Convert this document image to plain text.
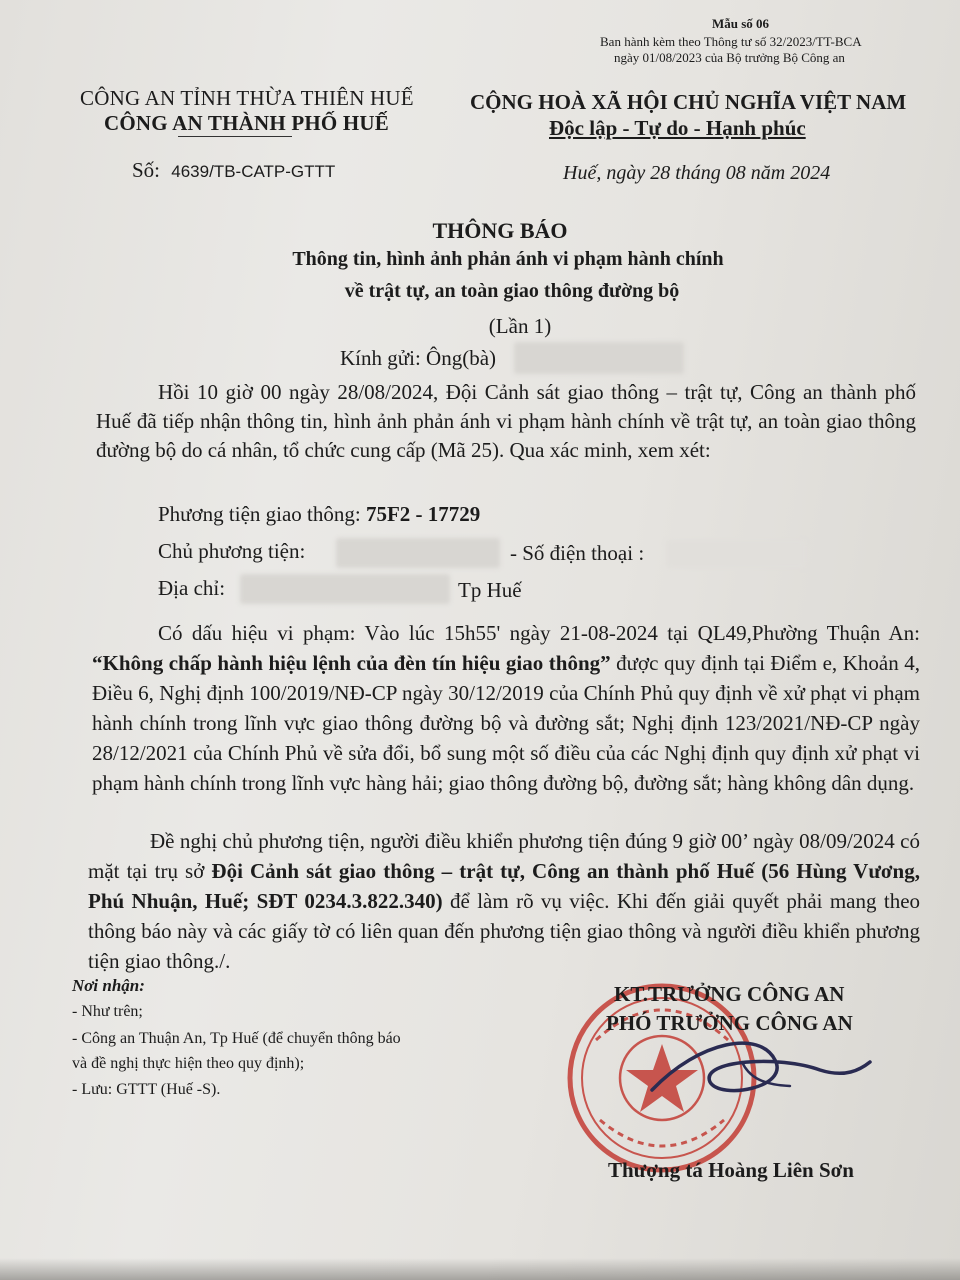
Mẫu số 06
Ban hành kèm theo Thông tư số 32/2023/TT-BCA
ngày 01/08/2023 của Bộ trưởng Bộ Công an
CÔNG AN TỈNH THỪA THIÊN HUẾ
CÔNG AN THÀNH PHỐ HUẾ
Số: 4639/TB-CATP-GTTT
CỘNG HOÀ XÃ HỘI CHỦ NGHĨA VIỆT NAM
Độc lập - Tự do - Hạnh phúc
Huế, ngày 28 tháng 08 năm 2024
THÔNG BÁO
Thông tin, hình ảnh phản ánh vi phạm hành chính
về trật tự, an toàn giao thông đường bộ
(Lần 1)
Kính gửi: Ông(bà)
Hồi 10 giờ 00 ngày 28/08/2024, Đội Cảnh sát giao thông – trật tự, Công an thành phố Huế đã tiếp nhận thông tin, hình ảnh phản ánh vi phạm hành chính về trật tự, an toàn giao thông đường bộ do cá nhân, tổ chức cung cấp (Mã 25). Qua xác minh, xem xét:
Phương tiện giao thông: 75F2 - 17729
Chủ phương tiện:	- Số điện thoại :
Địa chỉ:	Tp Huế
Có dấu hiệu vi phạm: Vào lúc 15h55' ngày 21-08-2024 tại QL49,Phường Thuận An: “Không chấp hành hiệu lệnh của đèn tín hiệu giao thông” được quy định tại Điểm e, Khoản 4, Điều 6, Nghị định 100/2019/NĐ-CP ngày 30/12/2019 của Chính Phủ quy định về xử phạt vi phạm hành chính trong lĩnh vực giao thông đường bộ và đường sắt; Nghị định 123/2021/NĐ-CP ngày 28/12/2021 của Chính Phủ về sửa đổi, bổ sung một số điều của các Nghị định quy định xử phạt vi phạm hành chính trong lĩnh vực hàng hải; giao thông đường bộ, đường sắt; hàng không dân dụng.
Đề nghị chủ phương tiện, người điều khiển phương tiện đúng 9 giờ 00’ ngày 08/09/2024 có mặt tại trụ sở Đội Cảnh sát giao thông – trật tự, Công an thành phố Huế (56 Hùng Vương, Phú Nhuận, Huế; SĐT 0234.3.822.340) để làm rõ vụ việc. Khi đến giải quyết phải mang theo thông báo này và các giấy tờ có liên quan đến phương tiện giao thông và người điều khiển phương tiện giao thông./.
Nơi nhận:
- Như trên;
- Công an Thuận An, Tp Huế (để chuyển thông báo
và đề nghị thực hiện theo quy định);
- Lưu: GTTT (Huế -S).
KT.TRƯỞNG CÔNG AN
PHÓ TRƯỞNG CÔNG AN
Thượng tá Hoàng Liên Sơn
